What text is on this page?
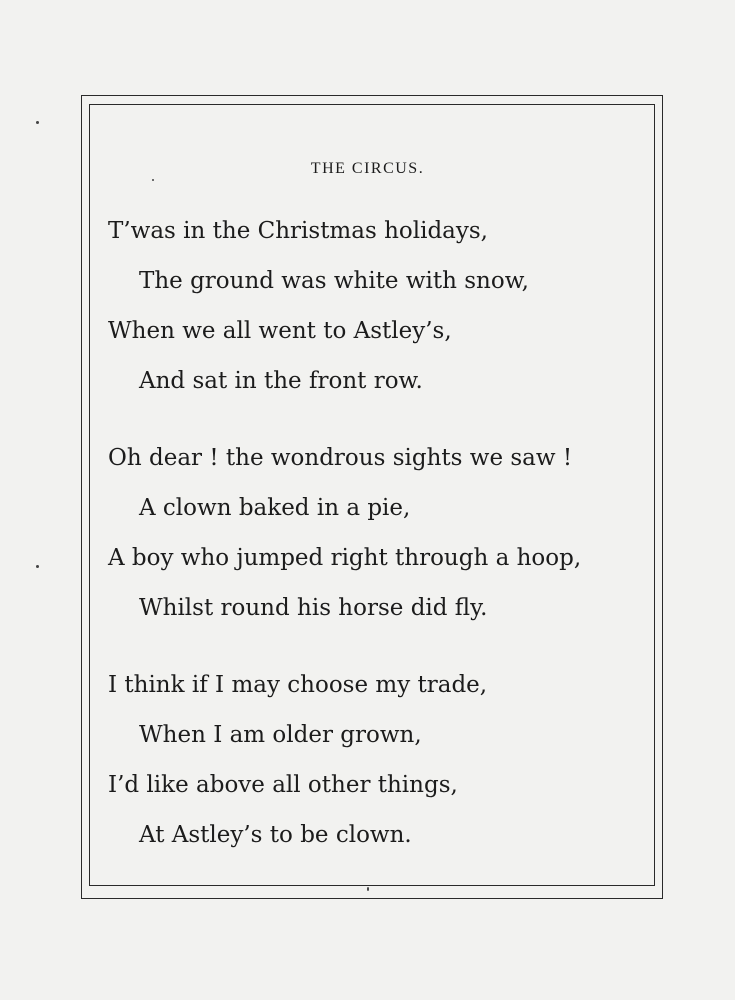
THE CIRCUS.
T’was in the Christmas holidays,
The ground was white with snow,
When we all went to Astley’s,
And sat in the front row.
Oh dear ! the wondrous sights we saw !
A clown baked in a pie,
A boy who jumped right through a hoop,
Whilst round his horse did fly.
I think if I may choose my trade,
When I am older grown,
I’d like above all other things,
At Astley’s to be clown.
